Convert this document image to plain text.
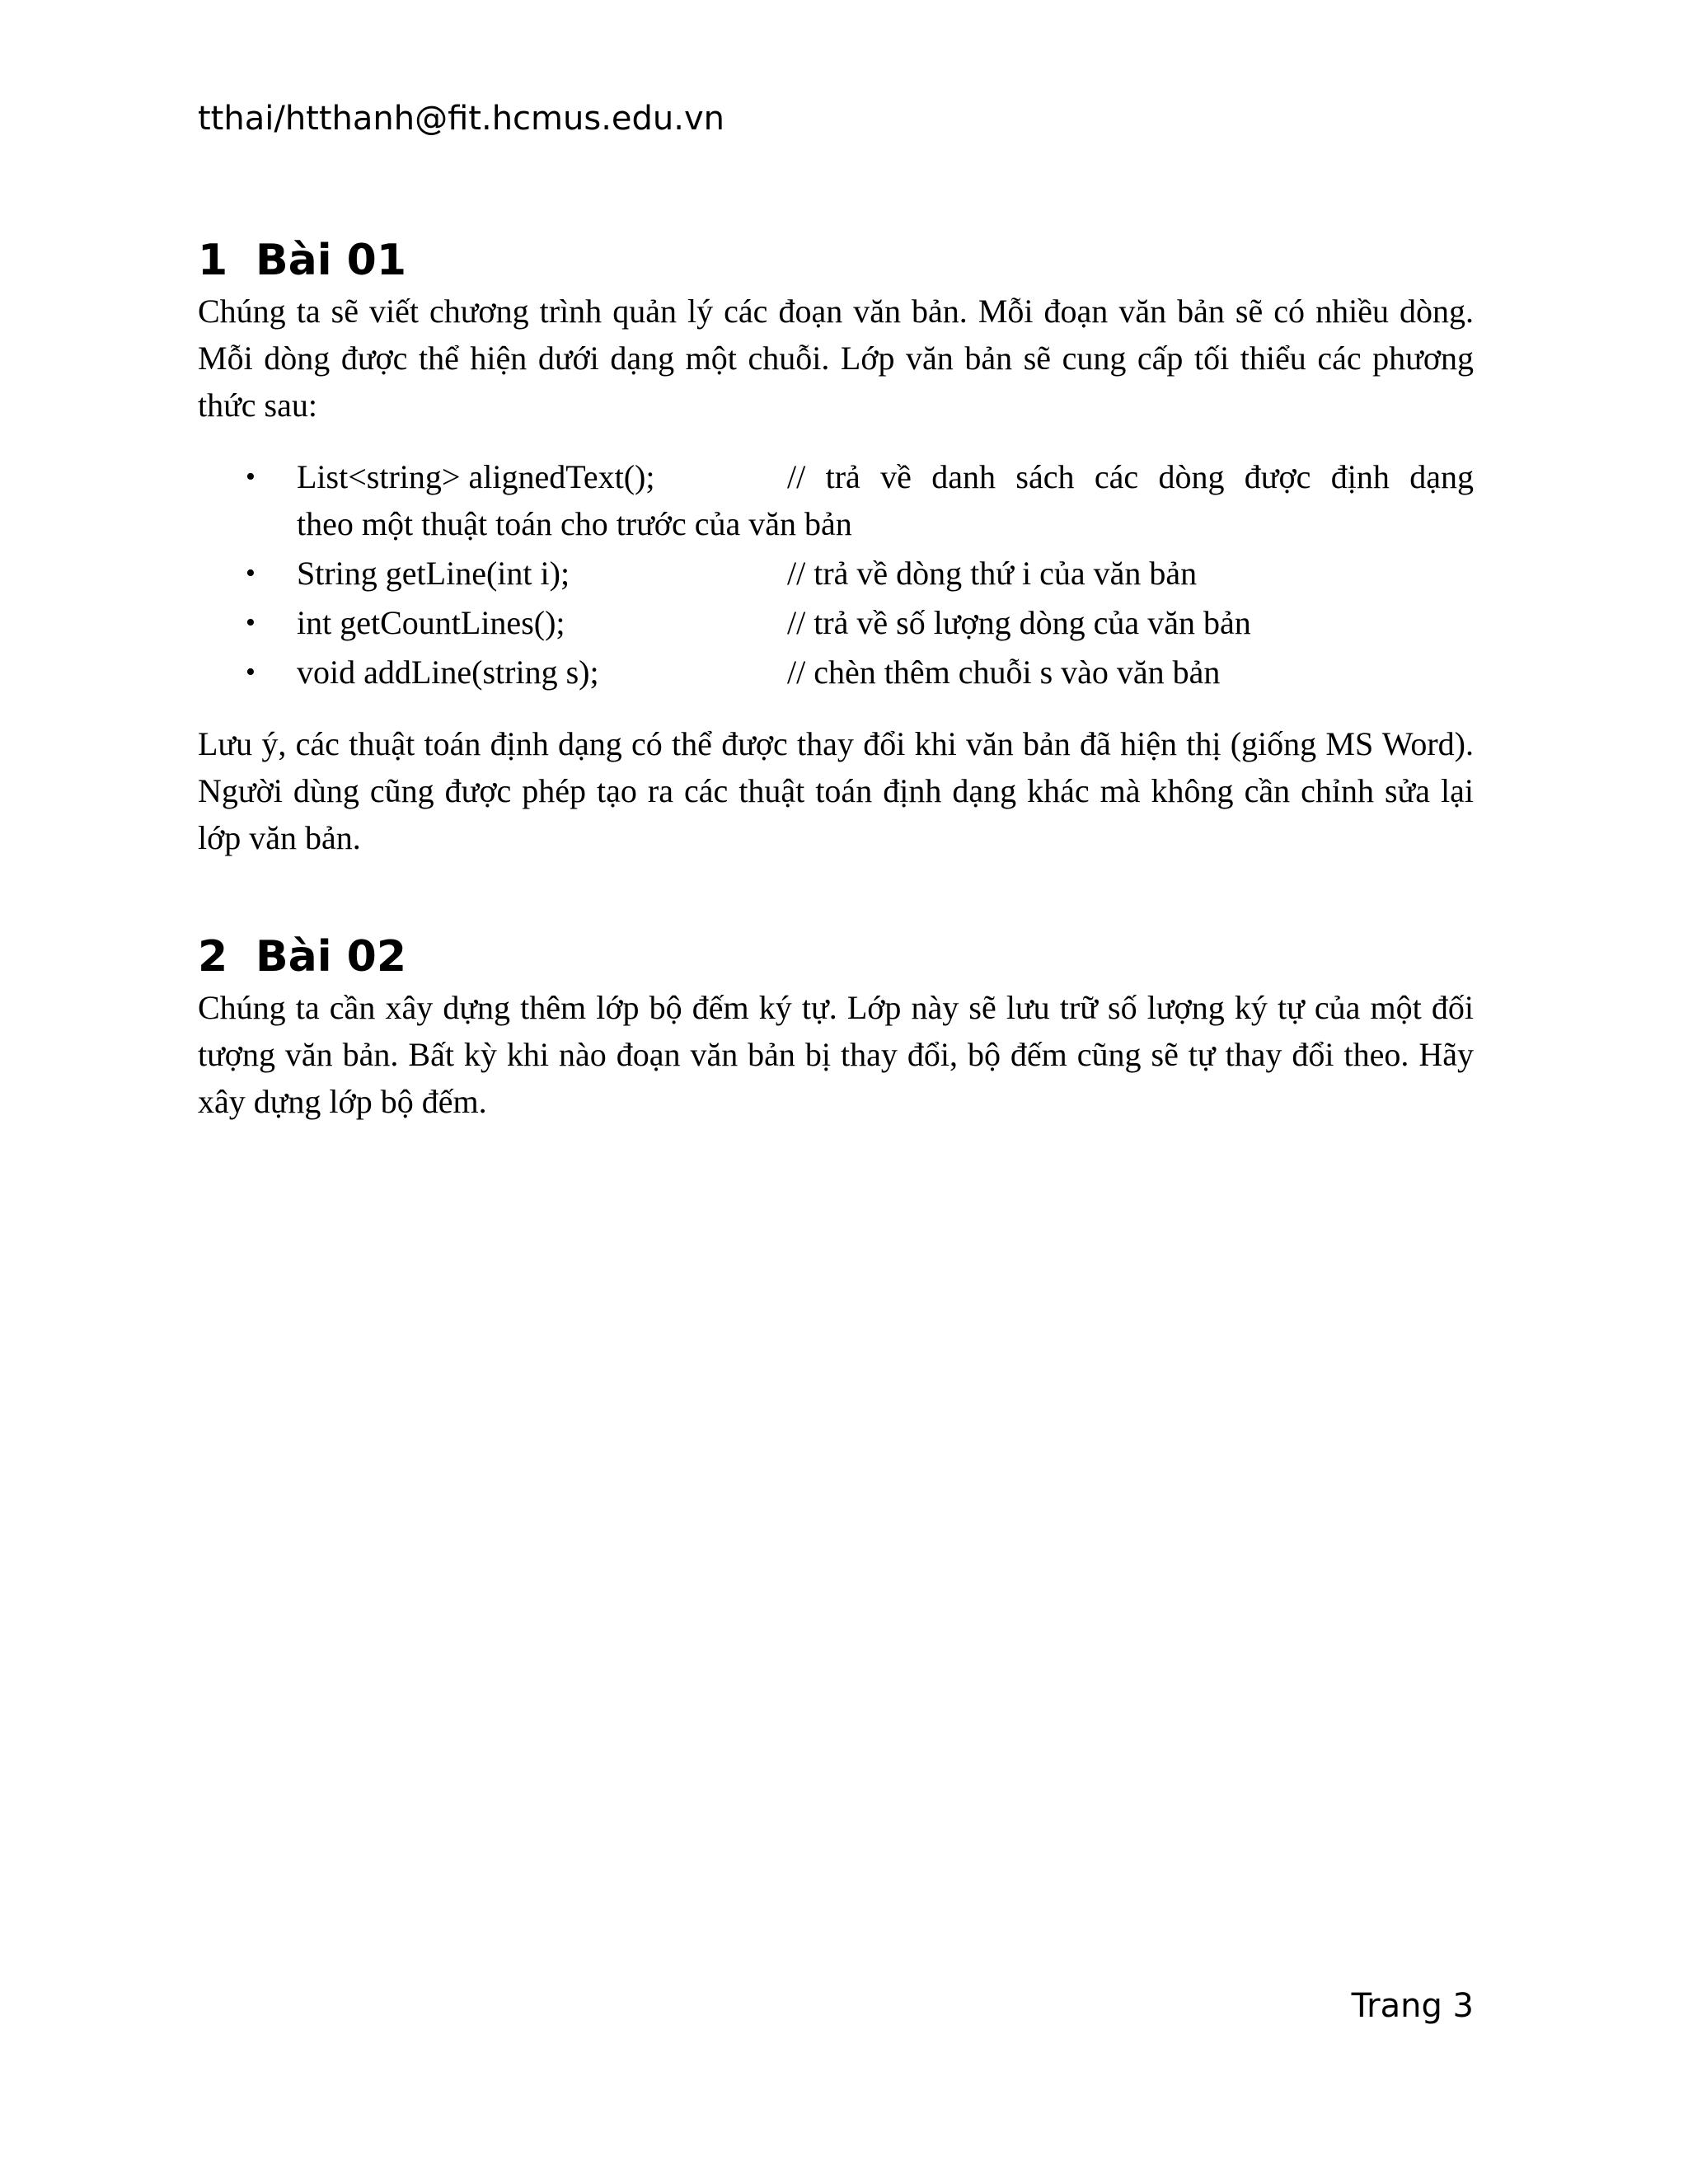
tthai/htthanh@fit.hcmus.edu.vn
1 Bài 01

Chúng ta sẽ viết chương trình quản lý các đoạn văn bản. Mỗi đoạn văn bản sẽ có nhiều dòng. Mỗi dòng được thể hiện dưới dạng một chuỗi. Lớp văn bản sẽ cung cấp tối thiểu các phương thức sau:

• List<string> alignedText();	// trả về danh sách các dòng được định dạng
theo một thuật toán cho trước của văn bản
• String getLine(int i);	// trả về dòng thứ i của văn bản
• int getCountLines();	// trả về số lượng dòng của văn bản
• void addLine(string s);	// chèn thêm chuỗi s vào văn bản

Lưu ý, các thuật toán định dạng có thể được thay đổi khi văn bản đã hiện thị (giống MS Word). Người dùng cũng được phép tạo ra các thuật toán định dạng khác mà không cần chỉnh sửa lại lớp văn bản.

2 Bài 02

Chúng ta cần xây dựng thêm lớp bộ đếm ký tự. Lớp này sẽ lưu trữ số lượng ký tự của một đối tượng văn bản. Bất kỳ khi nào đoạn văn bản bị thay đổi, bộ đếm cũng sẽ tự thay đổi theo. Hãy xây dựng lớp bộ đếm.

Trang 3
